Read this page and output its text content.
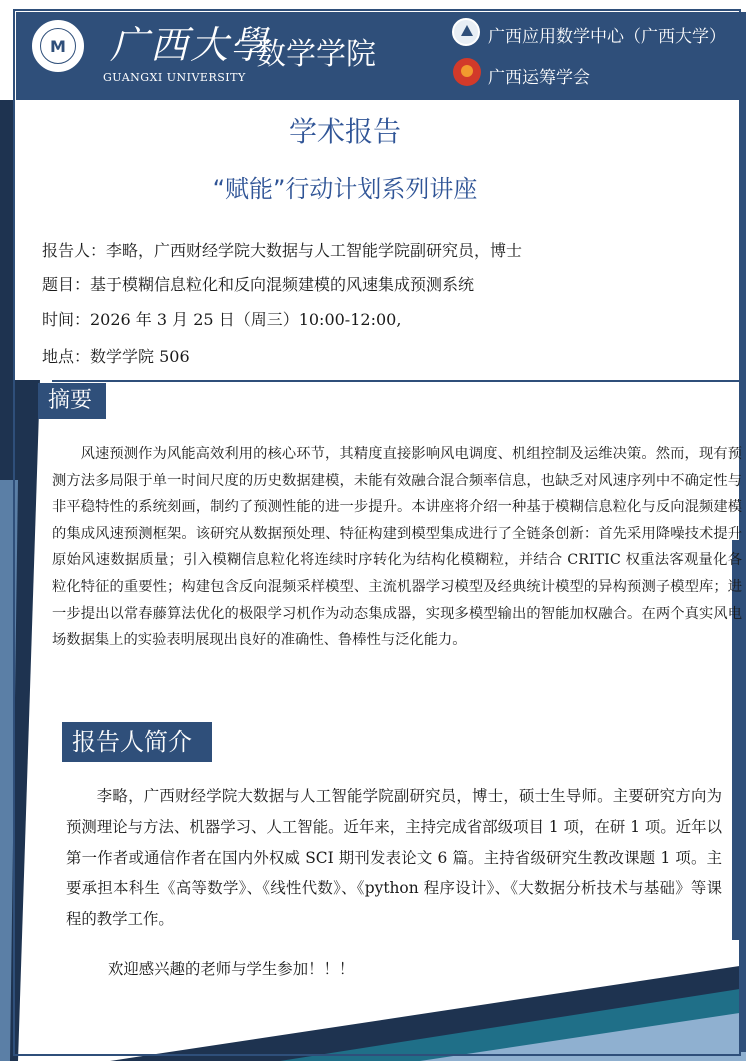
M 广西大學
GUANGXI UNIVERSITY
数学学院	广西应用数学中心（广西大学）
广西运筹学会
学术报告
“赋能”行动计划系列讲座
报告人：李略，广西财经学院大数据与人工智能学院副研究员，博士
题目：基于模糊信息粒化和反向混频建模的风速集成预测系统
时间：2026 年 3 月 25 日（周三）10:00-12:00,
地点：数学学院 506
摘要
风速预测作为风能高效利用的核心环节，其精度直接影响风电调度、机组控制及运维决策。然而，现有预测方法多局限于单一时间尺度的历史数据建模，未能有效融合混合频率信息，也缺乏对风速序列中不确定性与非平稳特性的系统刻画，制约了预测性能的进一步提升。本讲座将介绍一种基于模糊信息粒化与反向混频建模的集成风速预测框架。该研究从数据预处理、特征构建到模型集成进行了全链条创新：首先采用降噪技术提升原始风速数据质量；引入模糊信息粒化将连续时序转化为结构化模糊粒，并结合 CRITIC 权重法客观量化各粒化特征的重要性；构建包含反向混频采样模型、主流机器学习模型及经典统计模型的异构预测子模型库；进一步提出以常春藤算法优化的极限学习机作为动态集成器，实现多模型输出的智能加权融合。在两个真实风电场数据集上的实验表明展现出良好的准确性、鲁棒性与泛化能力。
报告人简介
李略，广西财经学院大数据与人工智能学院副研究员，博士，硕士生导师。主要研究方向为预测理论与方法、机器学习、人工智能。近年来，主持完成省部级项目 1 项，在研 1 项。近年以第一作者或通信作者在国内外权威 SCI 期刊发表论文 6 篇。主持省级研究生教改课题 1 项。主要承担本科生《高等数学》、《线性代数》、《python 程序设计》、《大数据分析技术与基础》等课程的教学工作。
欢迎感兴趣的老师与学生参加！！！
